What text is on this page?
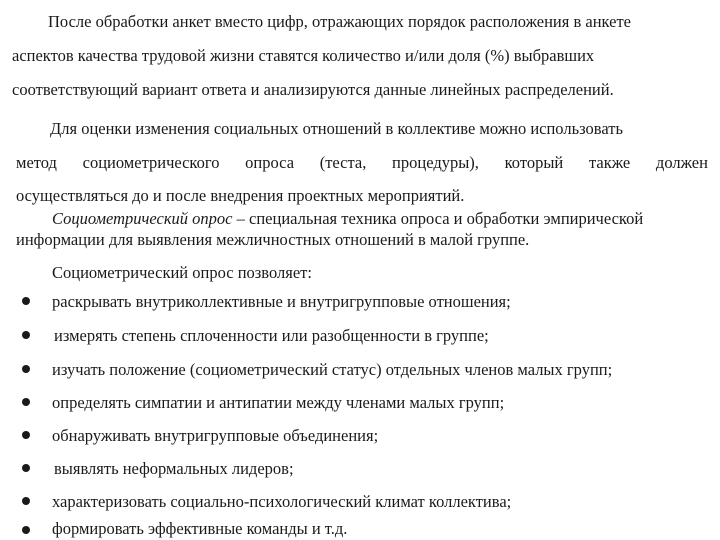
После обработки анкет вместо цифр, отражающих порядок расположения в анкете
аспектов качества трудовой жизни ставятся количество и/или доля (%) выбравших
соответствующий вариант ответа и анализируются данные линейных распределений.
Для оценки изменения социальных отношений в коллективе можно использовать
метод социометрического опроса (теста, процедуры), который также должен
осуществляться до и после внедрения проектных мероприятий.
Социометрический опрос – специальная техника опроса и обработки эмпирической
информации для выявления межличностных отношений в малой группе.
Социометрический опрос позволяет:
раскрывать внутриколлективные и внутригрупповые отношения;
измерять степень сплоченности или разобщенности в группе;
изучать положение (социометрический статус) отдельных членов малых групп;
определять симпатии и антипатии между членами малых групп;
обнаруживать внутригрупповые объединения;
выявлять неформальных лидеров;
характеризовать социально-психологический климат коллектива;
формировать эффективные команды и т.д.
